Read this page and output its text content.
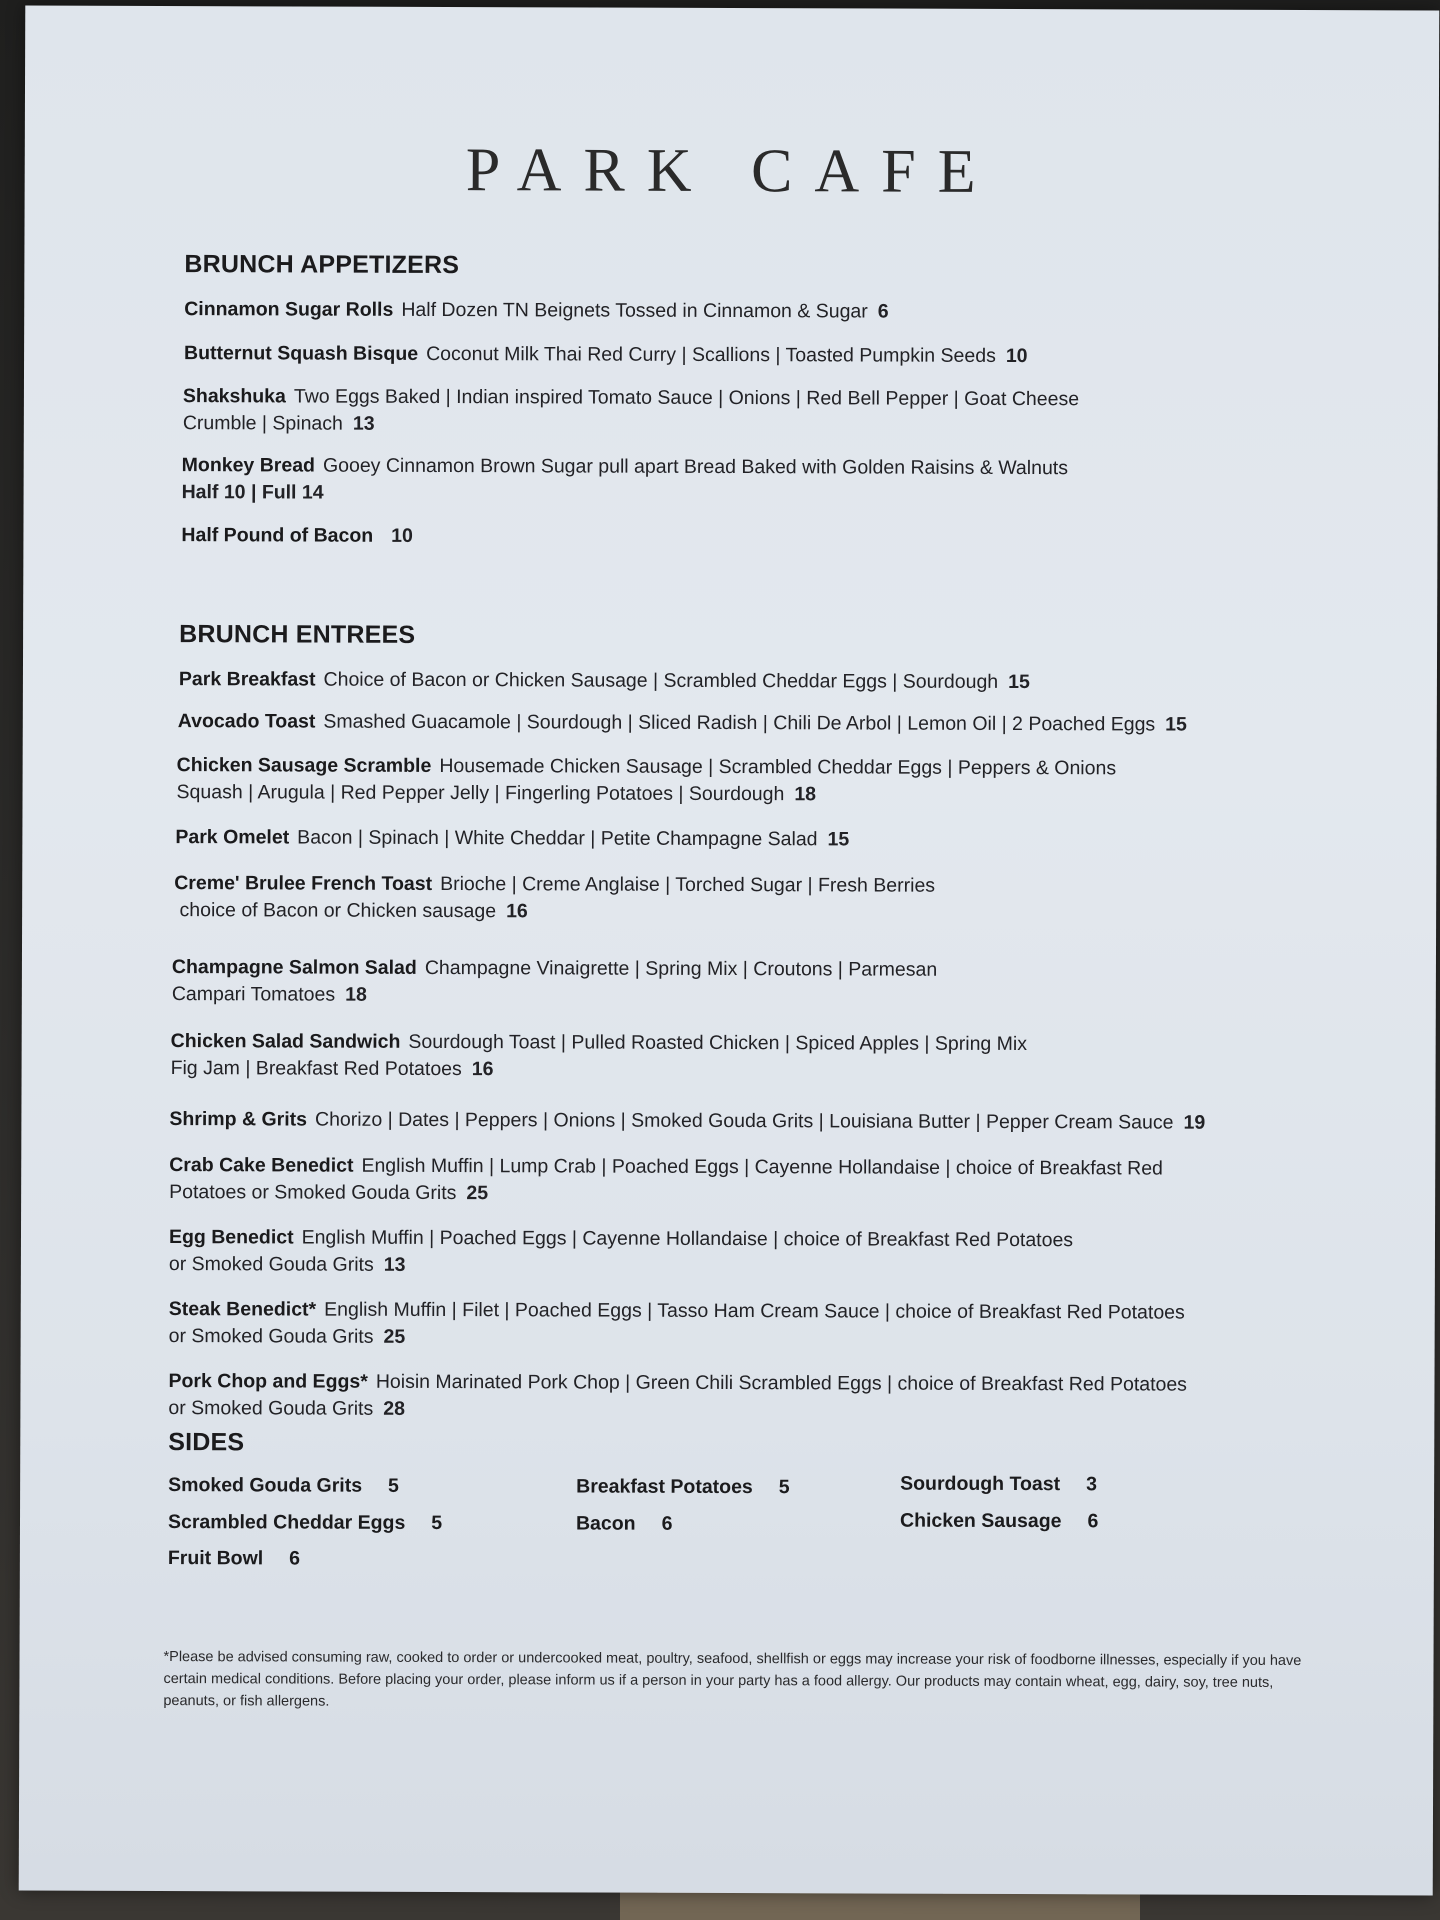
PARK CAFE
BRUNCH APPETIZERS
Cinnamon Sugar Rolls Half Dozen TN Beignets Tossed in Cinnamon & Sugar 6
Butternut Squash Bisque Coconut Milk Thai Red Curry | Scallions | Toasted Pumpkin Seeds 10
Shakshuka Two Eggs Baked | Indian inspired Tomato Sauce | Onions | Red Bell Pepper | Goat Cheese
Crumble | Spinach 13
Monkey Bread Gooey Cinnamon Brown Sugar pull apart Bread Baked with Golden Raisins & Walnuts
Half 10 | Full 14
Half Pound of Bacon 10
BRUNCH ENTREES
Park Breakfast Choice of Bacon or Chicken Sausage | Scrambled Cheddar Eggs | Sourdough 15
Avocado Toast Smashed Guacamole | Sourdough | Sliced Radish | Chili De Arbol | Lemon Oil | 2 Poached Eggs 15
Chicken Sausage Scramble Housemade Chicken Sausage | Scrambled Cheddar Eggs | Peppers & Onions
Squash | Arugula | Red Pepper Jelly | Fingerling Potatoes | Sourdough 18
Park Omelet Bacon | Spinach | White Cheddar | Petite Champagne Salad 15
Creme' Brulee French Toast Brioche | Creme Anglaise | Torched Sugar | Fresh Berries
choice of Bacon or Chicken sausage 16
Champagne Salmon Salad Champagne Vinaigrette | Spring Mix | Croutons | Parmesan
Campari Tomatoes 18
Chicken Salad Sandwich Sourdough Toast | Pulled Roasted Chicken | Spiced Apples | Spring Mix
Fig Jam | Breakfast Red Potatoes 16
Shrimp & Grits Chorizo | Dates | Peppers | Onions | Smoked Gouda Grits | Louisiana Butter | Pepper Cream Sauce 19
Crab Cake Benedict English Muffin | Lump Crab | Poached Eggs | Cayenne Hollandaise | choice of Breakfast Red
Potatoes or Smoked Gouda Grits 25
Egg Benedict English Muffin | Poached Eggs | Cayenne Hollandaise | choice of Breakfast Red Potatoes
or Smoked Gouda Grits 13
Steak Benedict* English Muffin | Filet | Poached Eggs | Tasso Ham Cream Sauce | choice of Breakfast Red Potatoes
or Smoked Gouda Grits 25
Pork Chop and Eggs* Hoisin Marinated Pork Chop | Green Chili Scrambled Eggs | choice of Breakfast Red Potatoes
or Smoked Gouda Grits 28
SIDES
Smoked Gouda Grits 5
Scrambled Cheddar Eggs 5
Fruit Bowl 6
Breakfast Potatoes 5
Bacon 6
Sourdough Toast 3
Chicken Sausage 6
*Please be advised consuming raw, cooked to order or undercooked meat, poultry, seafood, shellfish or eggs may increase your risk of foodborne illnesses, especially if you have certain medical conditions. Before placing your order, please inform us if a person in your party has a food allergy. Our products may contain wheat, egg, dairy, soy, tree nuts, peanuts, or fish allergens.
